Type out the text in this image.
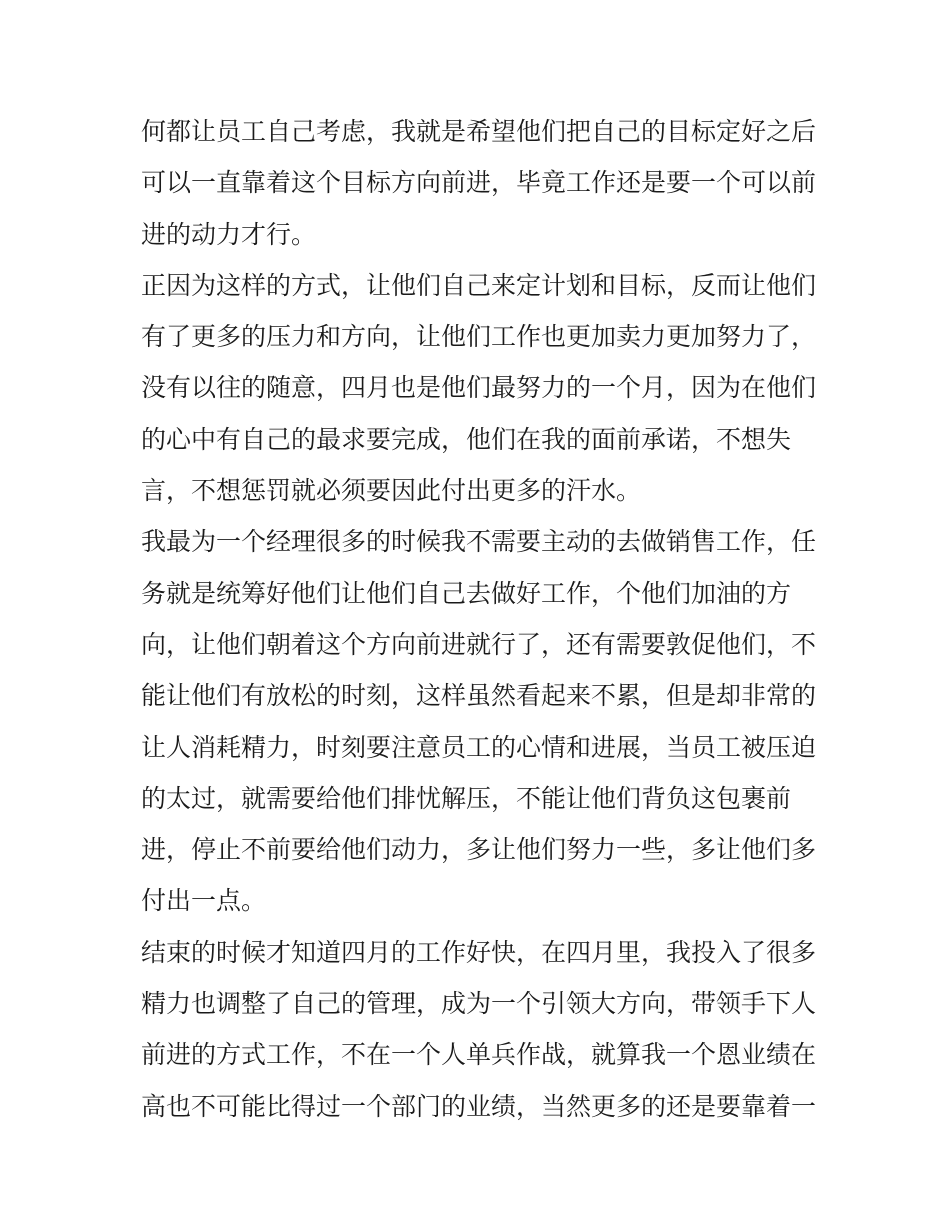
何都让员工自己考虑，我就是希望他们把自己的目标定好之后
可以一直靠着这个目标方向前进，毕竟工作还是要一个可以前
进的动力才行。
正因为这样的方式，让他们自己来定计划和目标，反而让他们
有了更多的压力和方向，让他们工作也更加卖力更加努力了，
没有以往的随意，四月也是他们最努力的一个月，因为在他们
的心中有自己的最求要完成，他们在我的面前承诺，不想失
言，不想惩罚就必须要因此付出更多的汗水。
我最为一个经理很多的时候我不需要主动的去做销售工作，任
务就是统筹好他们让他们自己去做好工作，个他们加油的方
向，让他们朝着这个方向前进就行了，还有需要敦促他们，不
能让他们有放松的时刻，这样虽然看起来不累，但是却非常的
让人消耗精力，时刻要注意员工的心情和进展，当员工被压迫
的太过，就需要给他们排忧解压，不能让他们背负这包裹前
进，停止不前要给他们动力，多让他们努力一些，多让他们多
付出一点。
结束的时候才知道四月的工作好快，在四月里，我投入了很多
精力也调整了自己的管理，成为一个引领大方向，带领手下人
前进的方式工作，不在一个人单兵作战，就算我一个恩业绩在
高也不可能比得过一个部门的业绩，当然更多的还是要靠着一
